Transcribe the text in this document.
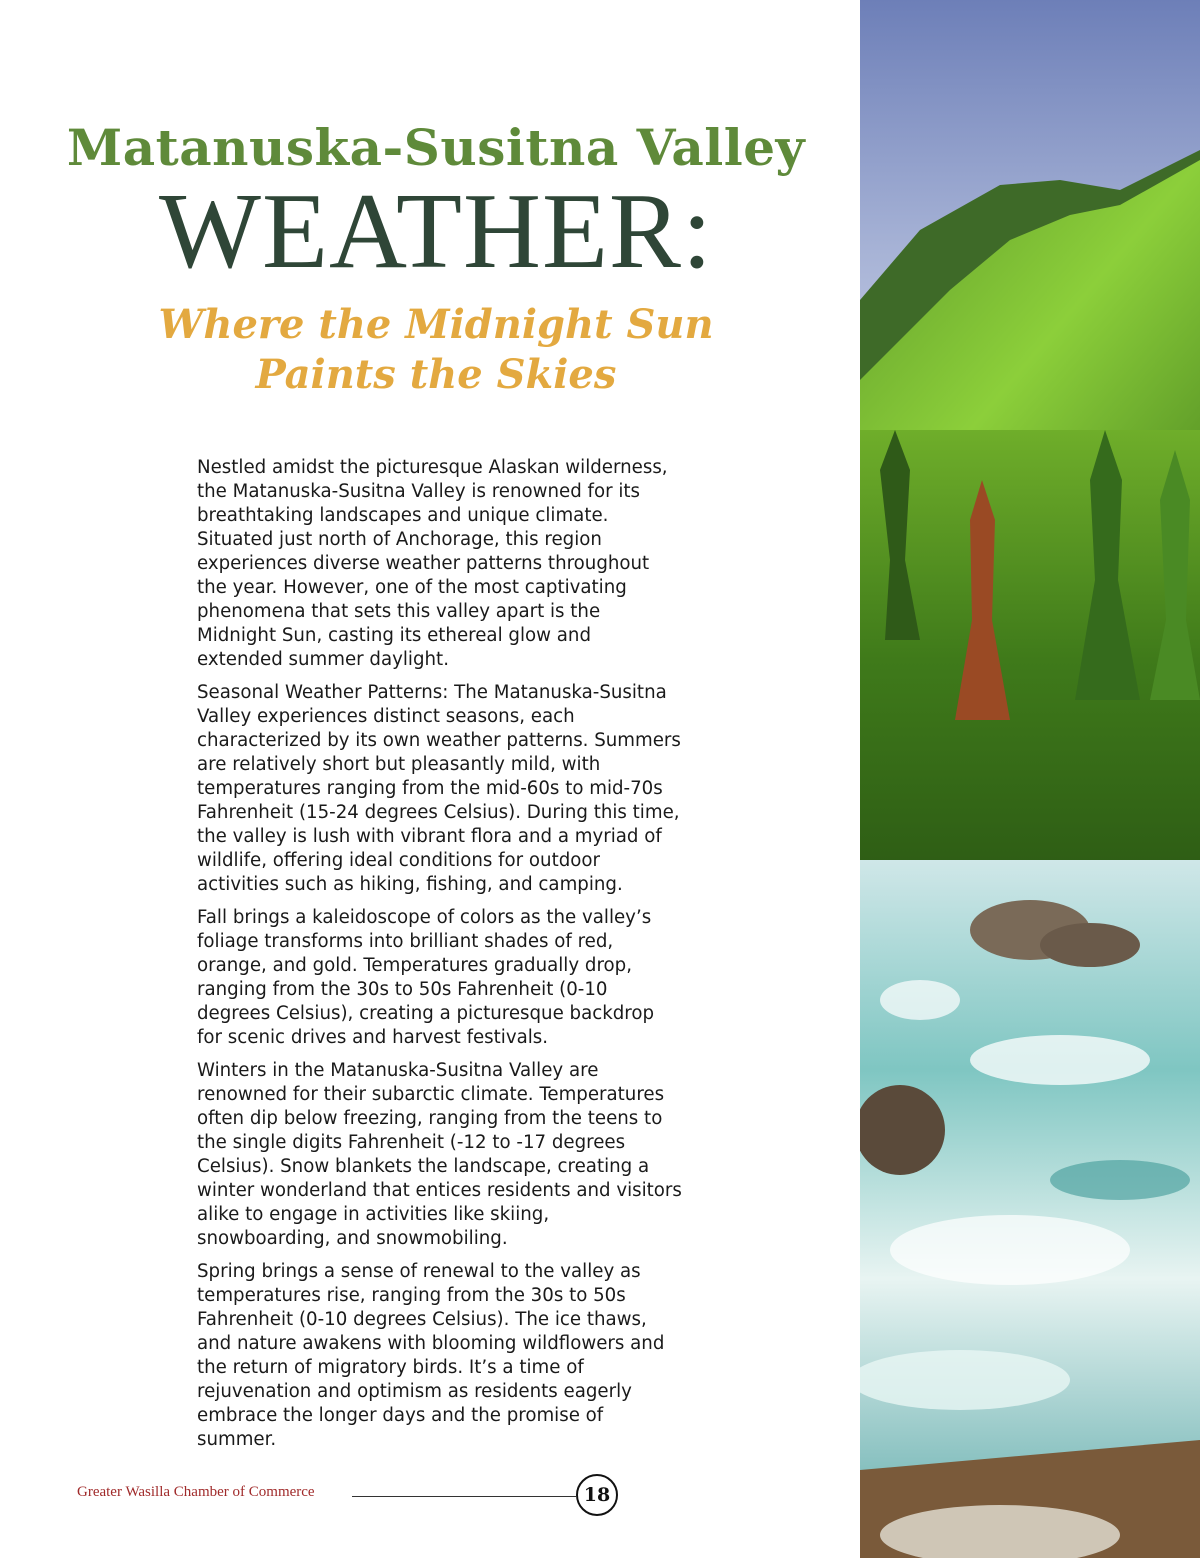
Matanuska-Susitna Valley
WEATHER:
Where the Midnight Sun
Paints the Skies

Nestled amidst the picturesque Alaskan wilderness, the Matanuska-Susitna Valley is renowned for its breathtaking landscapes and unique climate. Situated just north of Anchorage, this region experiences diverse weather patterns throughout the year. However, one of the most captivating phenomena that sets this valley apart is the Midnight Sun, casting its ethereal glow and extended summer daylight.

Seasonal Weather Patterns: The Matanuska-Susitna Valley experiences distinct seasons, each characterized by its own weather patterns. Summers are relatively short but pleasantly mild, with temperatures ranging from the mid-60s to mid-70s Fahrenheit (15-24 degrees Celsius). During this time, the valley is lush with vibrant flora and a myriad of wildlife, offering ideal conditions for outdoor activities such as hiking, fishing, and camping.

Fall brings a kaleidoscope of colors as the valley’s foliage transforms into brilliant shades of red, orange, and gold. Temperatures gradually drop, ranging from the 30s to 50s Fahrenheit (0-10 degrees Celsius), creating a picturesque backdrop for scenic drives and harvest festivals.

Winters in the Matanuska-Susitna Valley are renowned for their subarctic climate. Temperatures often dip below freezing, ranging from the teens to the single digits Fahrenheit (-12 to -17 degrees Celsius). Snow blankets the landscape, creating a winter wonderland that entices residents and visitors alike to engage in activities like skiing, snowboarding, and snowmobiling.

Spring brings a sense of renewal to the valley as temperatures rise, ranging from the 30s to 50s Fahrenheit (0-10 degrees Celsius). The ice thaws, and nature awakens with blooming wildflowers and the return of migratory birds. It’s a time of rejuvenation and optimism as residents eagerly embrace the longer days and the promise of summer.

Greater Wasilla Chamber of Commerce	18
